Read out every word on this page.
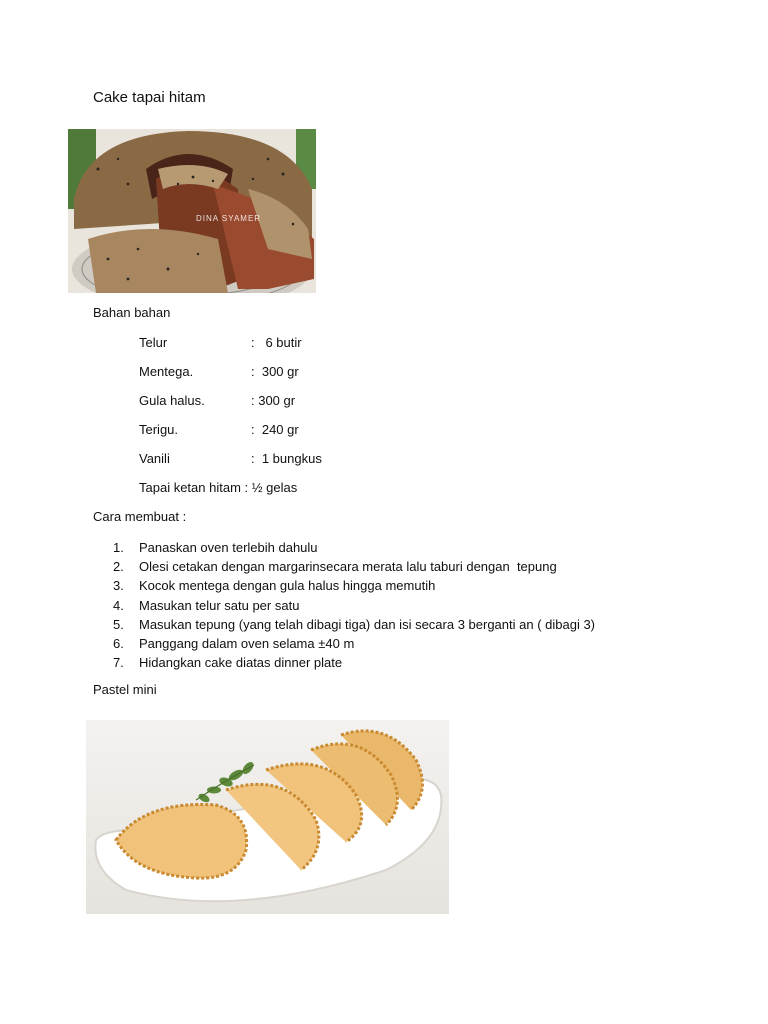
Cake tapai hitam
DINA SYAMER
Bahan bahan
Telur	:   6 butir
Mentega.	:  300 gr
Gula halus.	: 300 gr
Terigu.	:  240 gr
Vanili	:  1 bungkus
Tapai ketan hitam : ½ gelas
Cara membuat :
1. Panaskan oven terlebih dahulu
2. Olesi cetakan dengan margarinsecara merata lalu taburi dengan  tepung
3. Kocok mentega dengan gula halus hingga memutih
4. Masukan telur satu per satu
5. Masukan tepung (yang telah dibagi tiga) dan isi secara 3 berganti an ( dibagi 3)
6. Panggang dalam oven selama ±40 m
7. Hidangkan cake diatas dinner plate
Pastel mini
